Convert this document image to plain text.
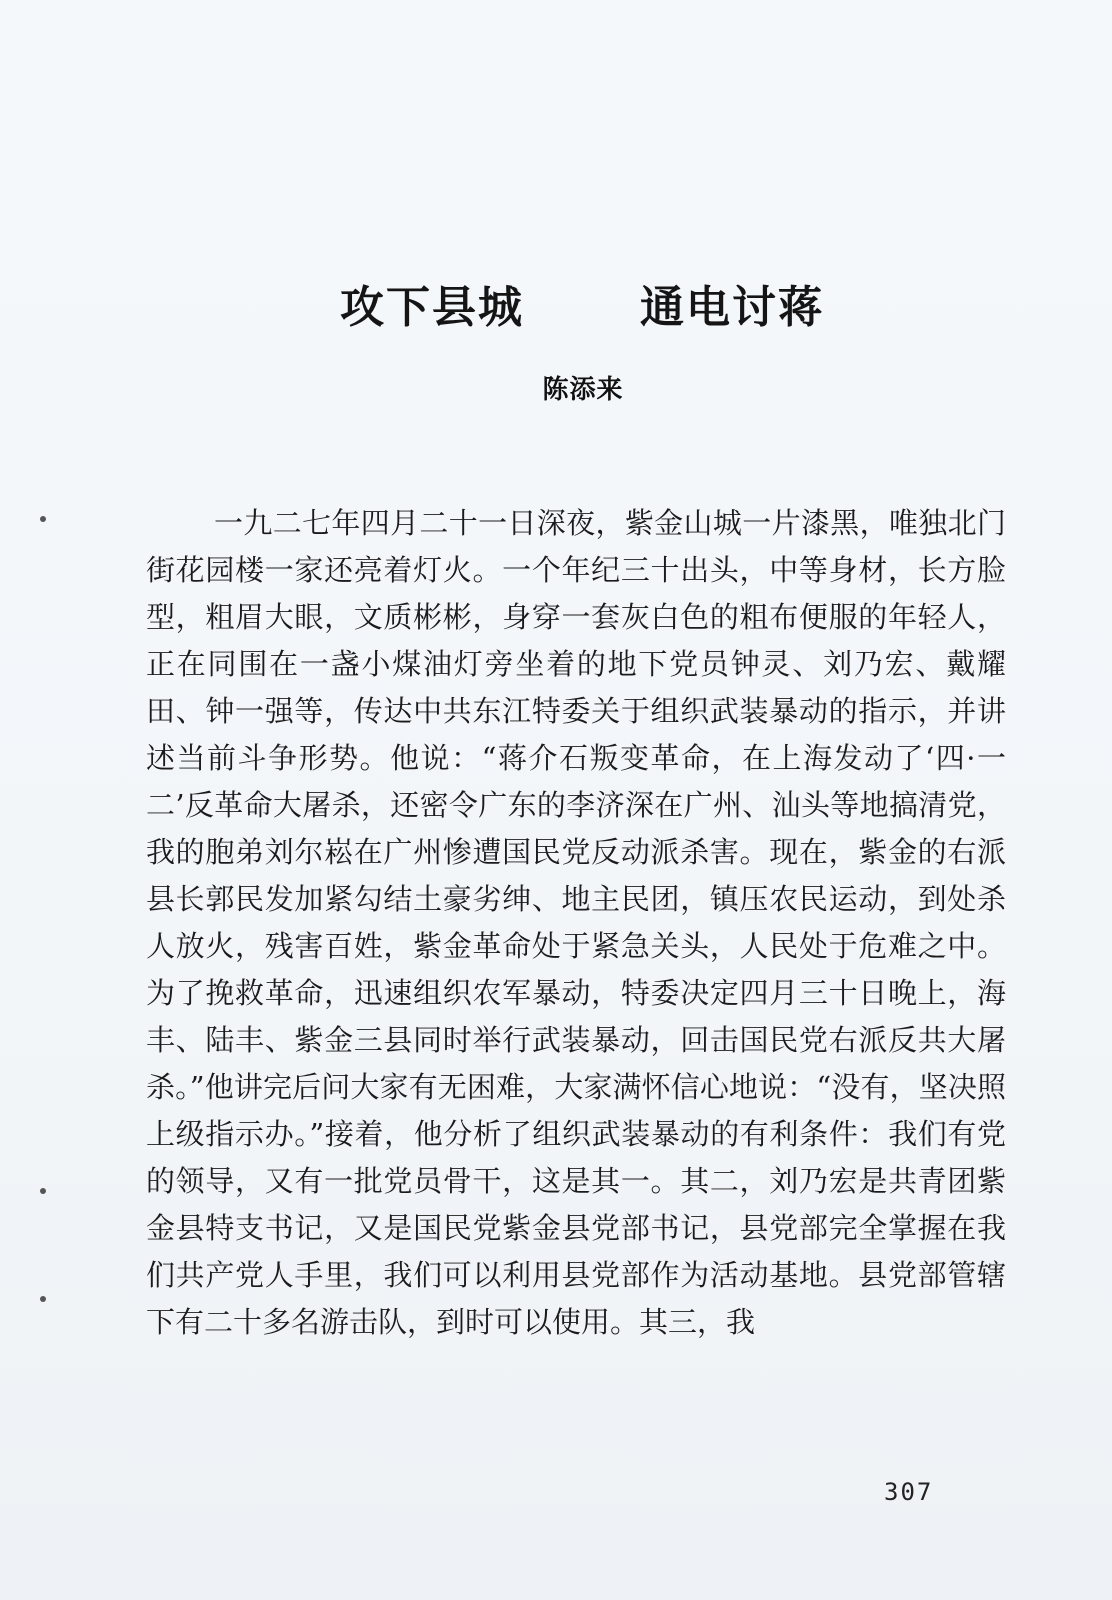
攻下县城	通电讨蒋
陈添来

一九二七年四月二十一日深夜，紫金山城一片漆黑，唯独北门街花园楼一家还亮着灯火。一个年纪三十出头，中等身材，长方脸型，粗眉大眼，文质彬彬，身穿一套灰白色的粗布便服的年轻人，正在同围在一盏小煤油灯旁坐着的地下党员钟灵、刘乃宏、戴耀田、钟一强等，传达中共东江特委关于组织武装暴动的指示，并讲述当前斗争形势。他说：“蒋介石叛变革命，在上海发动了‘四·一二’反革命大屠杀，还密令广东的李济深在广州、汕头等地搞清党，我的胞弟刘尔崧在广州惨遭国民党反动派杀害。现在，紫金的右派县长郭民发加紧勾结土豪劣绅、地主民团，镇压农民运动，到处杀人放火，残害百姓，紫金革命处于紧急关头，人民处于危难之中。为了挽救革命，迅速组织农军暴动，特委决定四月三十日晚上，海丰、陆丰、紫金三县同时举行武装暴动，回击国民党右派反共大屠杀。”他讲完后问大家有无困难，大家满怀信心地说：“没有，坚决照上级指示办。”接着，他分析了组织武装暴动的有利条件：我们有党的领导，又有一批党员骨干，这是其一。其二，刘乃宏是共青团紫金县特支书记，又是国民党紫金县党部书记，县党部完全掌握在我们共产党人手里，我们可以利用县党部作为活动基地。县党部管辖下有二十多名游击队，到时可以使用。其三，我

307
